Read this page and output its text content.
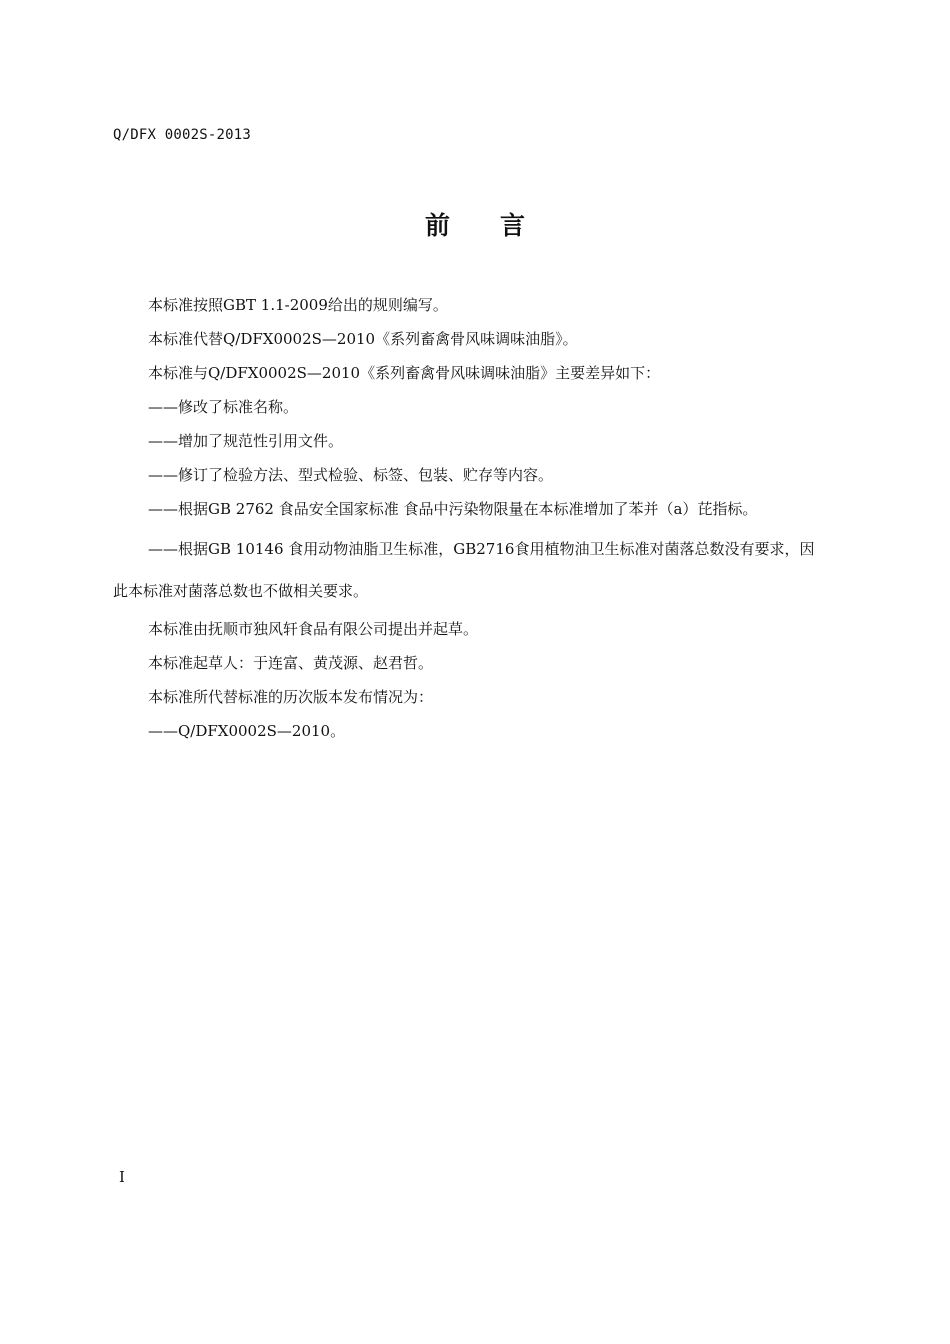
Q/DFX 0002S-2013
前言
本标准按照GBT 1.1-2009给出的规则编写。
本标准代替Q/DFX0002S—2010《系列畜禽骨风味调味油脂》。
本标准与Q/DFX0002S—2010《系列畜禽骨风味调味油脂》主要差异如下：
——修改了标准名称。
——增加了规范性引用文件。
——修订了检验方法、型式检验、标签、包装、贮存等内容。
——根据GB 2762 食品安全国家标准 食品中污染物限量在本标准增加了苯并（a）芘指标。
——根据GB 10146 食用动物油脂卫生标准，GB2716食用植物油卫生标准对菌落总数没有要求，因
此本标准对菌落总数也不做相关要求。
本标准由抚顺市独风轩食品有限公司提出并起草。
本标准起草人：于连富、黄茂源、赵君哲。
本标准所代替标准的历次版本发布情况为：
——Q/DFX0002S—2010。
I
